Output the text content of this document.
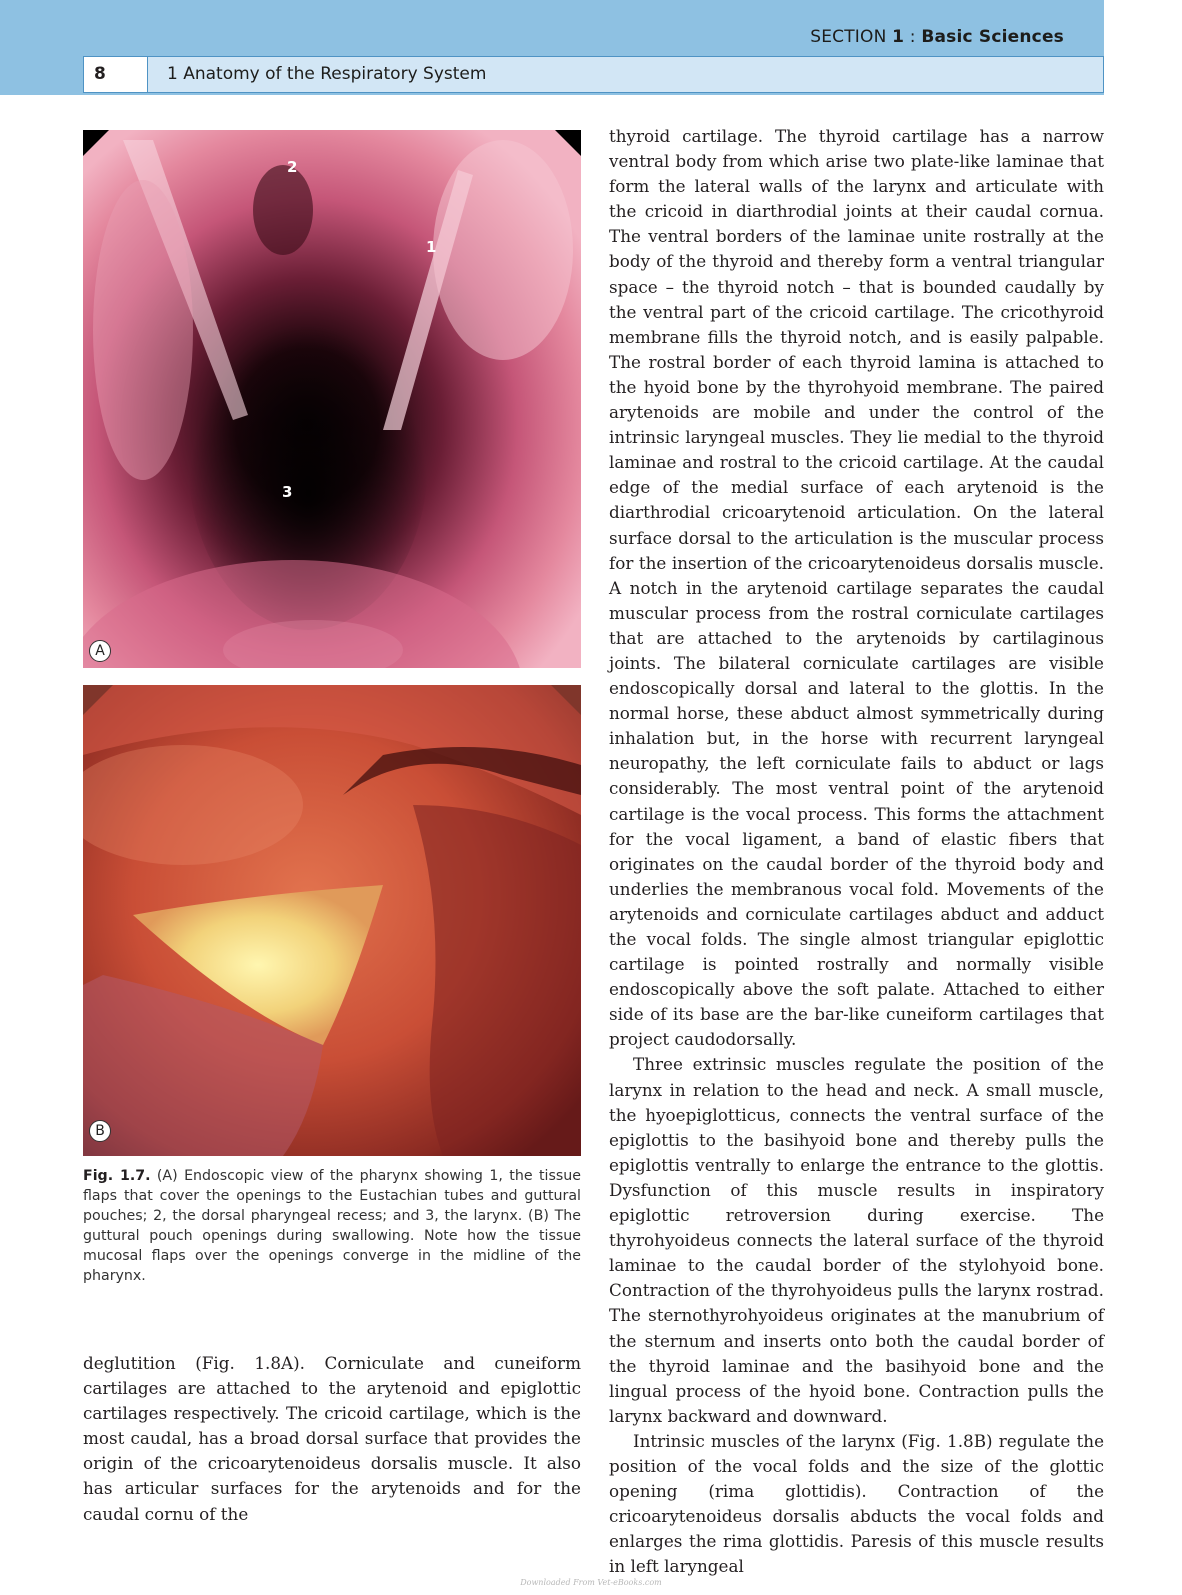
SECTION 1 : Basic Sciences
8	1 Anatomy of the Respiratory System
2
1
3
A
B
Fig. 1.7. (A) Endoscopic view of the pharynx showing 1, the tissue flaps that cover the openings to the Eustachian tubes and guttural pouches; 2, the dorsal pharyngeal recess; and 3, the larynx. (B) The guttural pouch openings during swallowing. Note how the tissue mucosal flaps over the openings converge in the midline of the pharynx.

deglutition (Fig. 1.8A). Corniculate and cuneiform cartilages are attached to the arytenoid and epiglottic cartilages respectively. The cricoid cartilage, which is the most caudal, has a broad dorsal surface that provides the origin of the cricoarytenoideus dorsalis muscle. It also has articular surfaces for the arytenoids and for the caudal cornu of the

thyroid cartilage. The thyroid cartilage has a narrow ventral body from which arise two plate-like laminae that form the lateral walls of the larynx and articulate with the cricoid in diarthrodial joints at their caudal cornua. The ventral borders of the laminae unite rostrally at the body of the thyroid and thereby form a ventral triangular space – the thyroid notch – that is bounded caudally by the ventral part of the cricoid cartilage. The cricothyroid membrane fills the thyroid notch, and is easily palpable. The rostral border of each thyroid lamina is attached to the hyoid bone by the thyrohyoid membrane. The paired arytenoids are mobile and under the control of the intrinsic laryngeal muscles. They lie medial to the thyroid laminae and rostral to the cricoid cartilage. At the caudal edge of the medial surface of each arytenoid is the diarthrodial cricoarytenoid articulation. On the lateral surface dorsal to the articulation is the muscular process for the insertion of the cricoarytenoideus dorsalis muscle. A notch in the arytenoid cartilage separates the caudal muscular process from the rostral corniculate cartilages that are attached to the arytenoids by cartilaginous joints. The bilateral corniculate cartilages are visible endoscopically dorsal and lateral to the glottis. In the normal horse, these abduct almost symmetrically during inhalation but, in the horse with recurrent laryngeal neuropathy, the left corniculate fails to abduct or lags considerably. The most ventral point of the arytenoid cartilage is the vocal process. This forms the attachment for the vocal ligament, a band of elastic fibers that originates on the caudal border of the thyroid body and underlies the membranous vocal fold. Movements of the arytenoids and corniculate cartilages abduct and adduct the vocal folds. The single almost triangular epiglottic cartilage is pointed rostrally and normally visible endoscopically above the soft palate. Attached to either side of its base are the bar-like cuneiform cartilages that project caudodorsally.

Three extrinsic muscles regulate the position of the larynx in relation to the head and neck. A small muscle, the hyoepiglotticus, connects the ventral surface of the epiglottis to the basihyoid bone and thereby pulls the epiglottis ventrally to enlarge the entrance to the glottis. Dysfunction of this muscle results in inspiratory epiglottic retroversion during exercise. The thyrohyoideus connects the lateral surface of the thyroid laminae to the caudal border of the stylohyoid bone. Contraction of the thyrohyoideus pulls the larynx rostrad. The sternothyrohyoideus originates at the manubrium of the sternum and inserts onto both the caudal border of the thyroid laminae and the basihyoid bone and the lingual process of the hyoid bone. Contraction pulls the larynx backward and downward.

Intrinsic muscles of the larynx (Fig. 1.8B) regulate the position of the vocal folds and the size of the glottic opening (rima glottidis). Contraction of the cricoarytenoideus dorsalis abducts the vocal folds and enlarges the rima glottidis. Paresis of this muscle results in left laryngeal

Downloaded From Vet-eBooks.com
